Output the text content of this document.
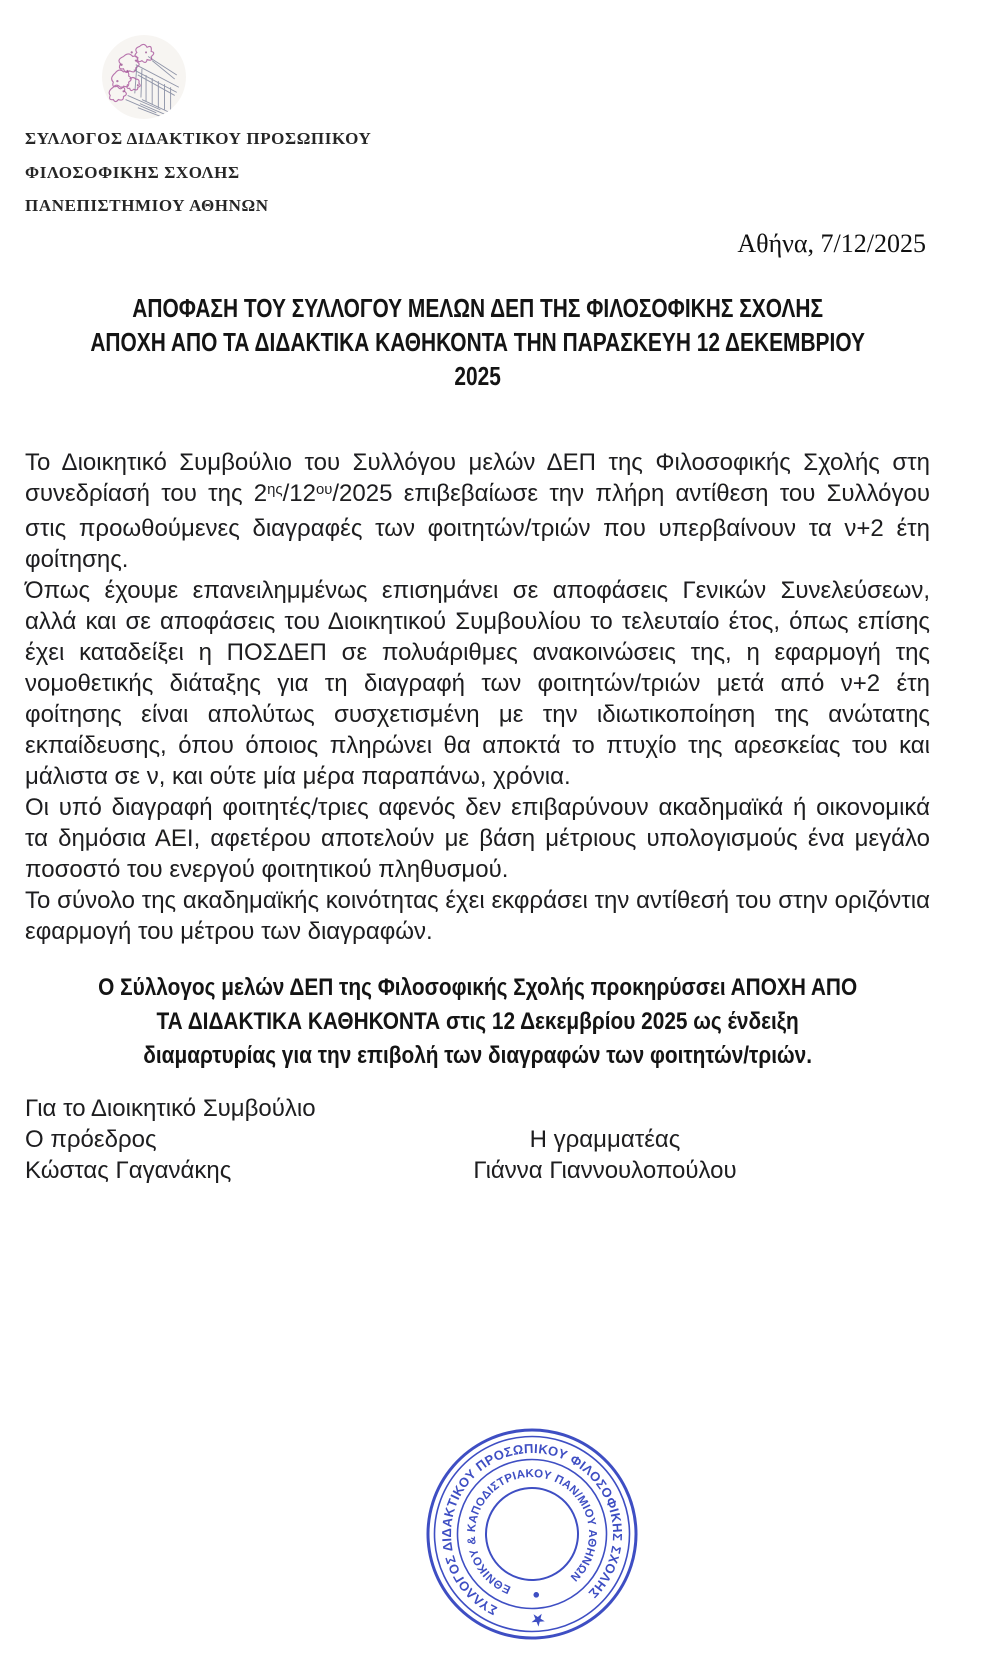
ΣΥΛΛΟΓΟΣ ΔΙΔΑΚΤΙΚΟΥ ΠΡΟΣΩΠΙΚΟΥ
ΦΙΛΟΣΟΦΙΚΗΣ ΣΧΟΛΗΣ
ΠΑΝΕΠΙΣΤΗΜΙΟΥ ΑΘΗΝΩΝ
Αθήνα, 7/12/2025
ΑΠΟΦΑΣΗ ΤΟΥ ΣΥΛΛΟΓΟΥ ΜΕΛΩΝ ΔΕΠ ΤΗΣ ΦΙΛΟΣΟΦΙΚΗΣ ΣΧΟΛΗΣ
ΑΠΟΧΗ ΑΠΟ ΤΑ ΔΙΔΑΚΤΙΚΑ ΚΑΘΗΚΟΝΤΑ ΤΗΝ ΠΑΡΑΣΚΕΥΗ 12 ΔΕΚΕΜΒΡΙΟΥ
2025

Το Διοικητικό Συμβούλιο του Συλλόγου μελών ΔΕΠ της Φιλοσοφικής Σχολής στη συνεδρίασή του της $2^{\eta\varsigma}/12^{o\upsilon}/2025$ επιβεβαίωσε την πλήρη αντίθεση του Συλλόγου στις προωθούμενες διαγραφές των φοιτητών/τριών που υπερβαίνουν τα ν+2 έτη φοίτησης.

Όπως έχουμε επανειλημμένως επισημάνει σε αποφάσεις Γενικών Συνελεύσεων, αλλά και σε αποφάσεις του Διοικητικού Συμβουλίου το τελευταίο έτος, όπως επίσης έχει καταδείξει η ΠΟΣΔΕΠ σε πολυάριθμες ανακοινώσεις της, η εφαρμογή της νομοθετικής διάταξης για τη διαγραφή των φοιτητών/τριών μετά από ν+2 έτη φοίτησης είναι απολύτως συσχετισμένη με την ιδιωτικοποίηση της ανώτατης εκπαίδευσης, όπου όποιος πληρώνει θα αποκτά το πτυχίο της αρεσκείας του και μάλιστα σε ν, και ούτε μία μέρα παραπάνω, χρόνια.

Οι υπό διαγραφή φοιτητές/τριες αφενός δεν επιβαρύνουν ακαδημαϊκά ή οικονομικά τα δημόσια ΑΕΙ, αφετέρου αποτελούν με βάση μέτριους υπολογισμούς ένα μεγάλο ποσοστό του ενεργού φοιτητικού πληθυσμού.

Το σύνολο της ακαδημαϊκής κοινότητας έχει εκφράσει την αντίθεσή του στην οριζόντια εφαρμογή του μέτρου των διαγραφών.

Ο Σύλλογος μελών ΔΕΠ της Φιλοσοφικής Σχολής προκηρύσσει ΑΠΟΧΗ ΑΠΟ
ΤΑ ΔΙΔΑΚΤΙΚΑ ΚΑΘΗΚΟΝΤΑ στις 12 Δεκεμβρίου 2025 ως ένδειξη
διαμαρτυρίας για την επιβολή των διαγραφών των φοιτητών/τριών.

Για το Διοικητικό Συμβούλιο

Ο πρόεδρος
Κώστας Γαγανάκης
Η γραμματέας
Γιάννα Γιαννουλοπούλου
ΣΥΛΛΟΓΟΣ ΔΙΔΑΚΤΙΚΟΥ ΠΡΟΣΩΠΙΚΟΥ ΦΙΛΟΣΟΦΙΚΗΣ ΣΧΟΛΗΣ
ΕΘΝΙΚΟΥ & ΚΑΠΟΔΙΣΤΡΙΑΚΟΥ ΠΑΝ/ΜΙΟΥ ΑΘΗΝΩΝ
★
